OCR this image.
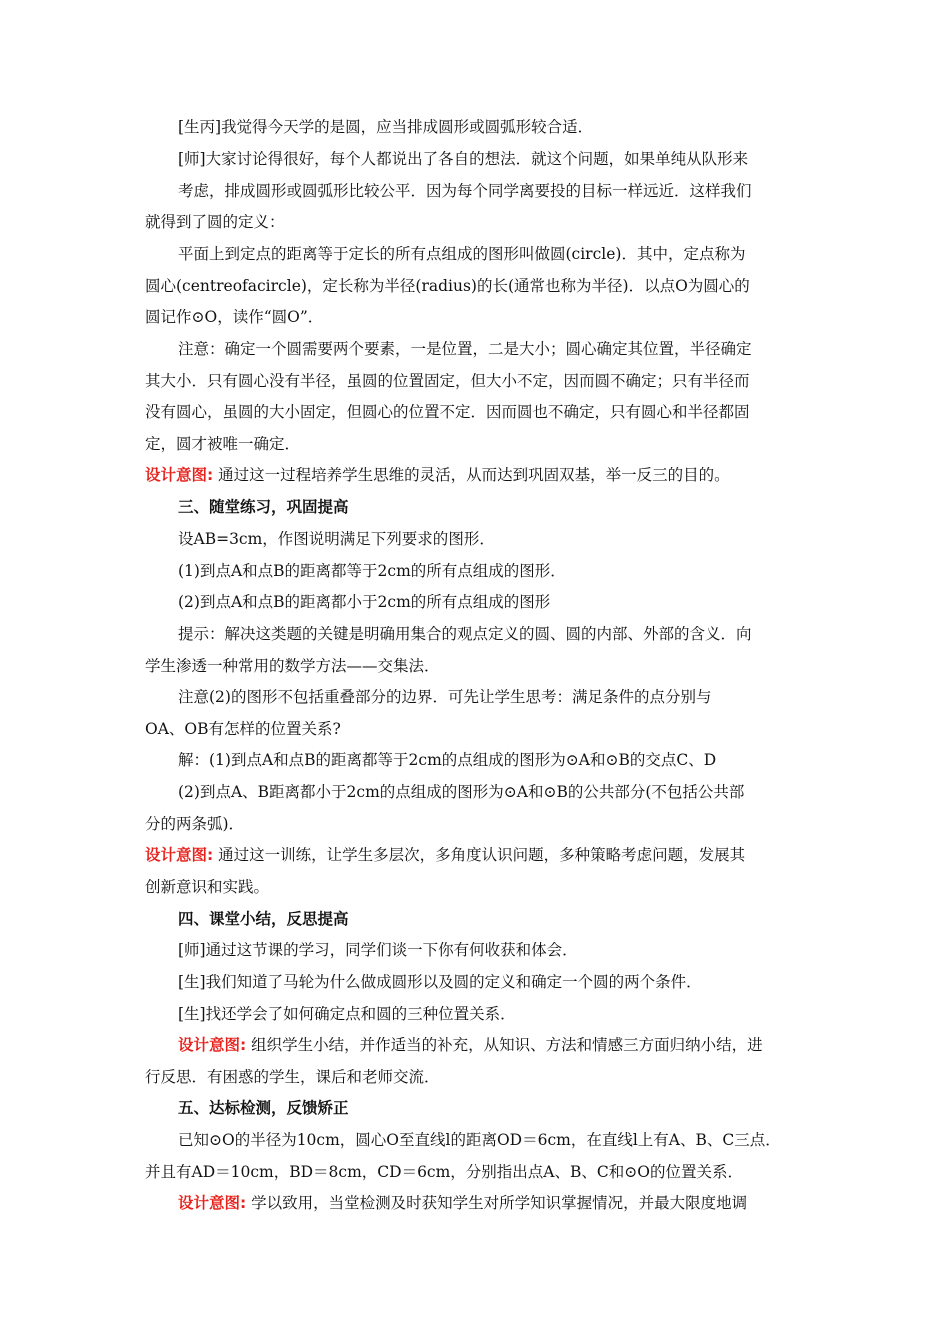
[生丙]我觉得今天学的是圆，应当排成圆形或圆弧形较合适．
[师]大家讨论得很好，每个人都说出了各自的想法．就这个问题，如果单纯从队形来
考虑，排成圆形或圆弧形比较公平．因为每个同学离要投的目标一样远近．这样我们
就得到了圆的定义：
平面上到定点的距离等于定长的所有点组成的图形叫做圆(circle)．其中，定点称为
圆心(centreofacircle)，定长称为半径(radius)的长(通常也称为半径)．以点O为圆心的
圆记作⊙O，读作“圆O”．
注意：确定一个圆需要两个要素，一是位置，二是大小；圆心确定其位置，半径确定
其大小．只有圆心没有半径，虽圆的位置固定，但大小不定，因而圆不确定；只有半径而
没有圆心，虽圆的大小固定，但圆心的位置不定．因而圆也不确定，只有圆心和半径都固
定，圆才被唯一确定．
设计意图: 通过这一过程培养学生思维的灵活，从而达到巩固双基，举一反三的目的。
三、随堂练习，巩固提高
设AB=3cm，作图说明满足下列要求的图形．
(1)到点A和点B的距离都等于2cm的所有点组成的图形．
(2)到点A和点B的距离都小于2cm的所有点组成的图形
提示：解决这类题的关键是明确用集合的观点定义的圆、圆的内部、外部的含义．向
学生渗透一种常用的数学方法——交集法．
注意(2)的图形不包括重叠部分的边界．可先让学生思考：满足条件的点分别与
OA、OB有怎样的位置关系?
解：(1)到点A和点B的距离都等于2cm的点组成的图形为⊙A和⊙B的交点C、D
(2)到点A、B距离都小于2cm的点组成的图形为⊙A和⊙B的公共部分(不包括公共部
分的两条弧)．
设计意图: 通过这一训练，让学生多层次，多角度认识问题，多种策略考虑问题，发展其
创新意识和实践。
四、课堂小结，反思提高
[师]通过这节课的学习，同学们谈一下你有何收获和体会．
[生]我们知道了马轮为什么做成圆形以及圆的定义和确定一个圆的两个条件．
[生]找还学会了如何确定点和圆的三种位置关系．
设计意图: 组织学生小结，并作适当的补充，从知识、方法和情感三方面归纳小结，进
行反思．有困惑的学生，课后和老师交流．
五、达标检测，反馈矫正
已知⊙O的半径为10cm，圆心O至直线l的距离OD＝6cm，在直线l上有A、B、C三点．
并且有AD＝10cm，BD＝8cm，CD＝6cm，分别指出点A、B、C和⊙O的位置关系．
设计意图: 学以致用，当堂检测及时获知学生对所学知识掌握情况，并最大限度地调
